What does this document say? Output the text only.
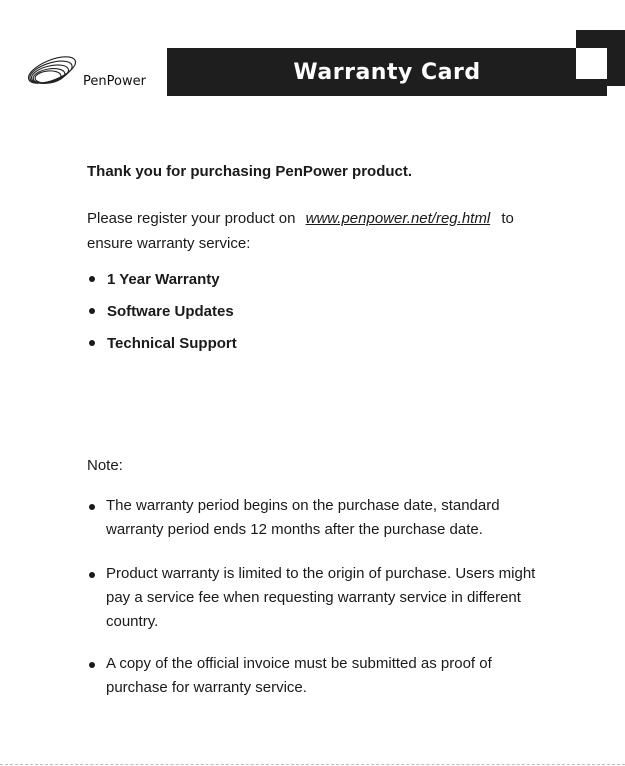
PenPower	Warranty Card
Thank you for purchasing PenPower product.
Please register your product on www.penpower.net/reg.html to
ensure warranty service:
1 Year Warranty
Software Updates
Technical Support
Note:
The warranty period begins on the purchase date, standard warranty period ends 12 months after the purchase date.
Product warranty is limited to the origin of purchase. Users might pay a service fee when requesting warranty service in different country.
A copy of the official invoice must be submitted as proof of purchase for warranty service.
